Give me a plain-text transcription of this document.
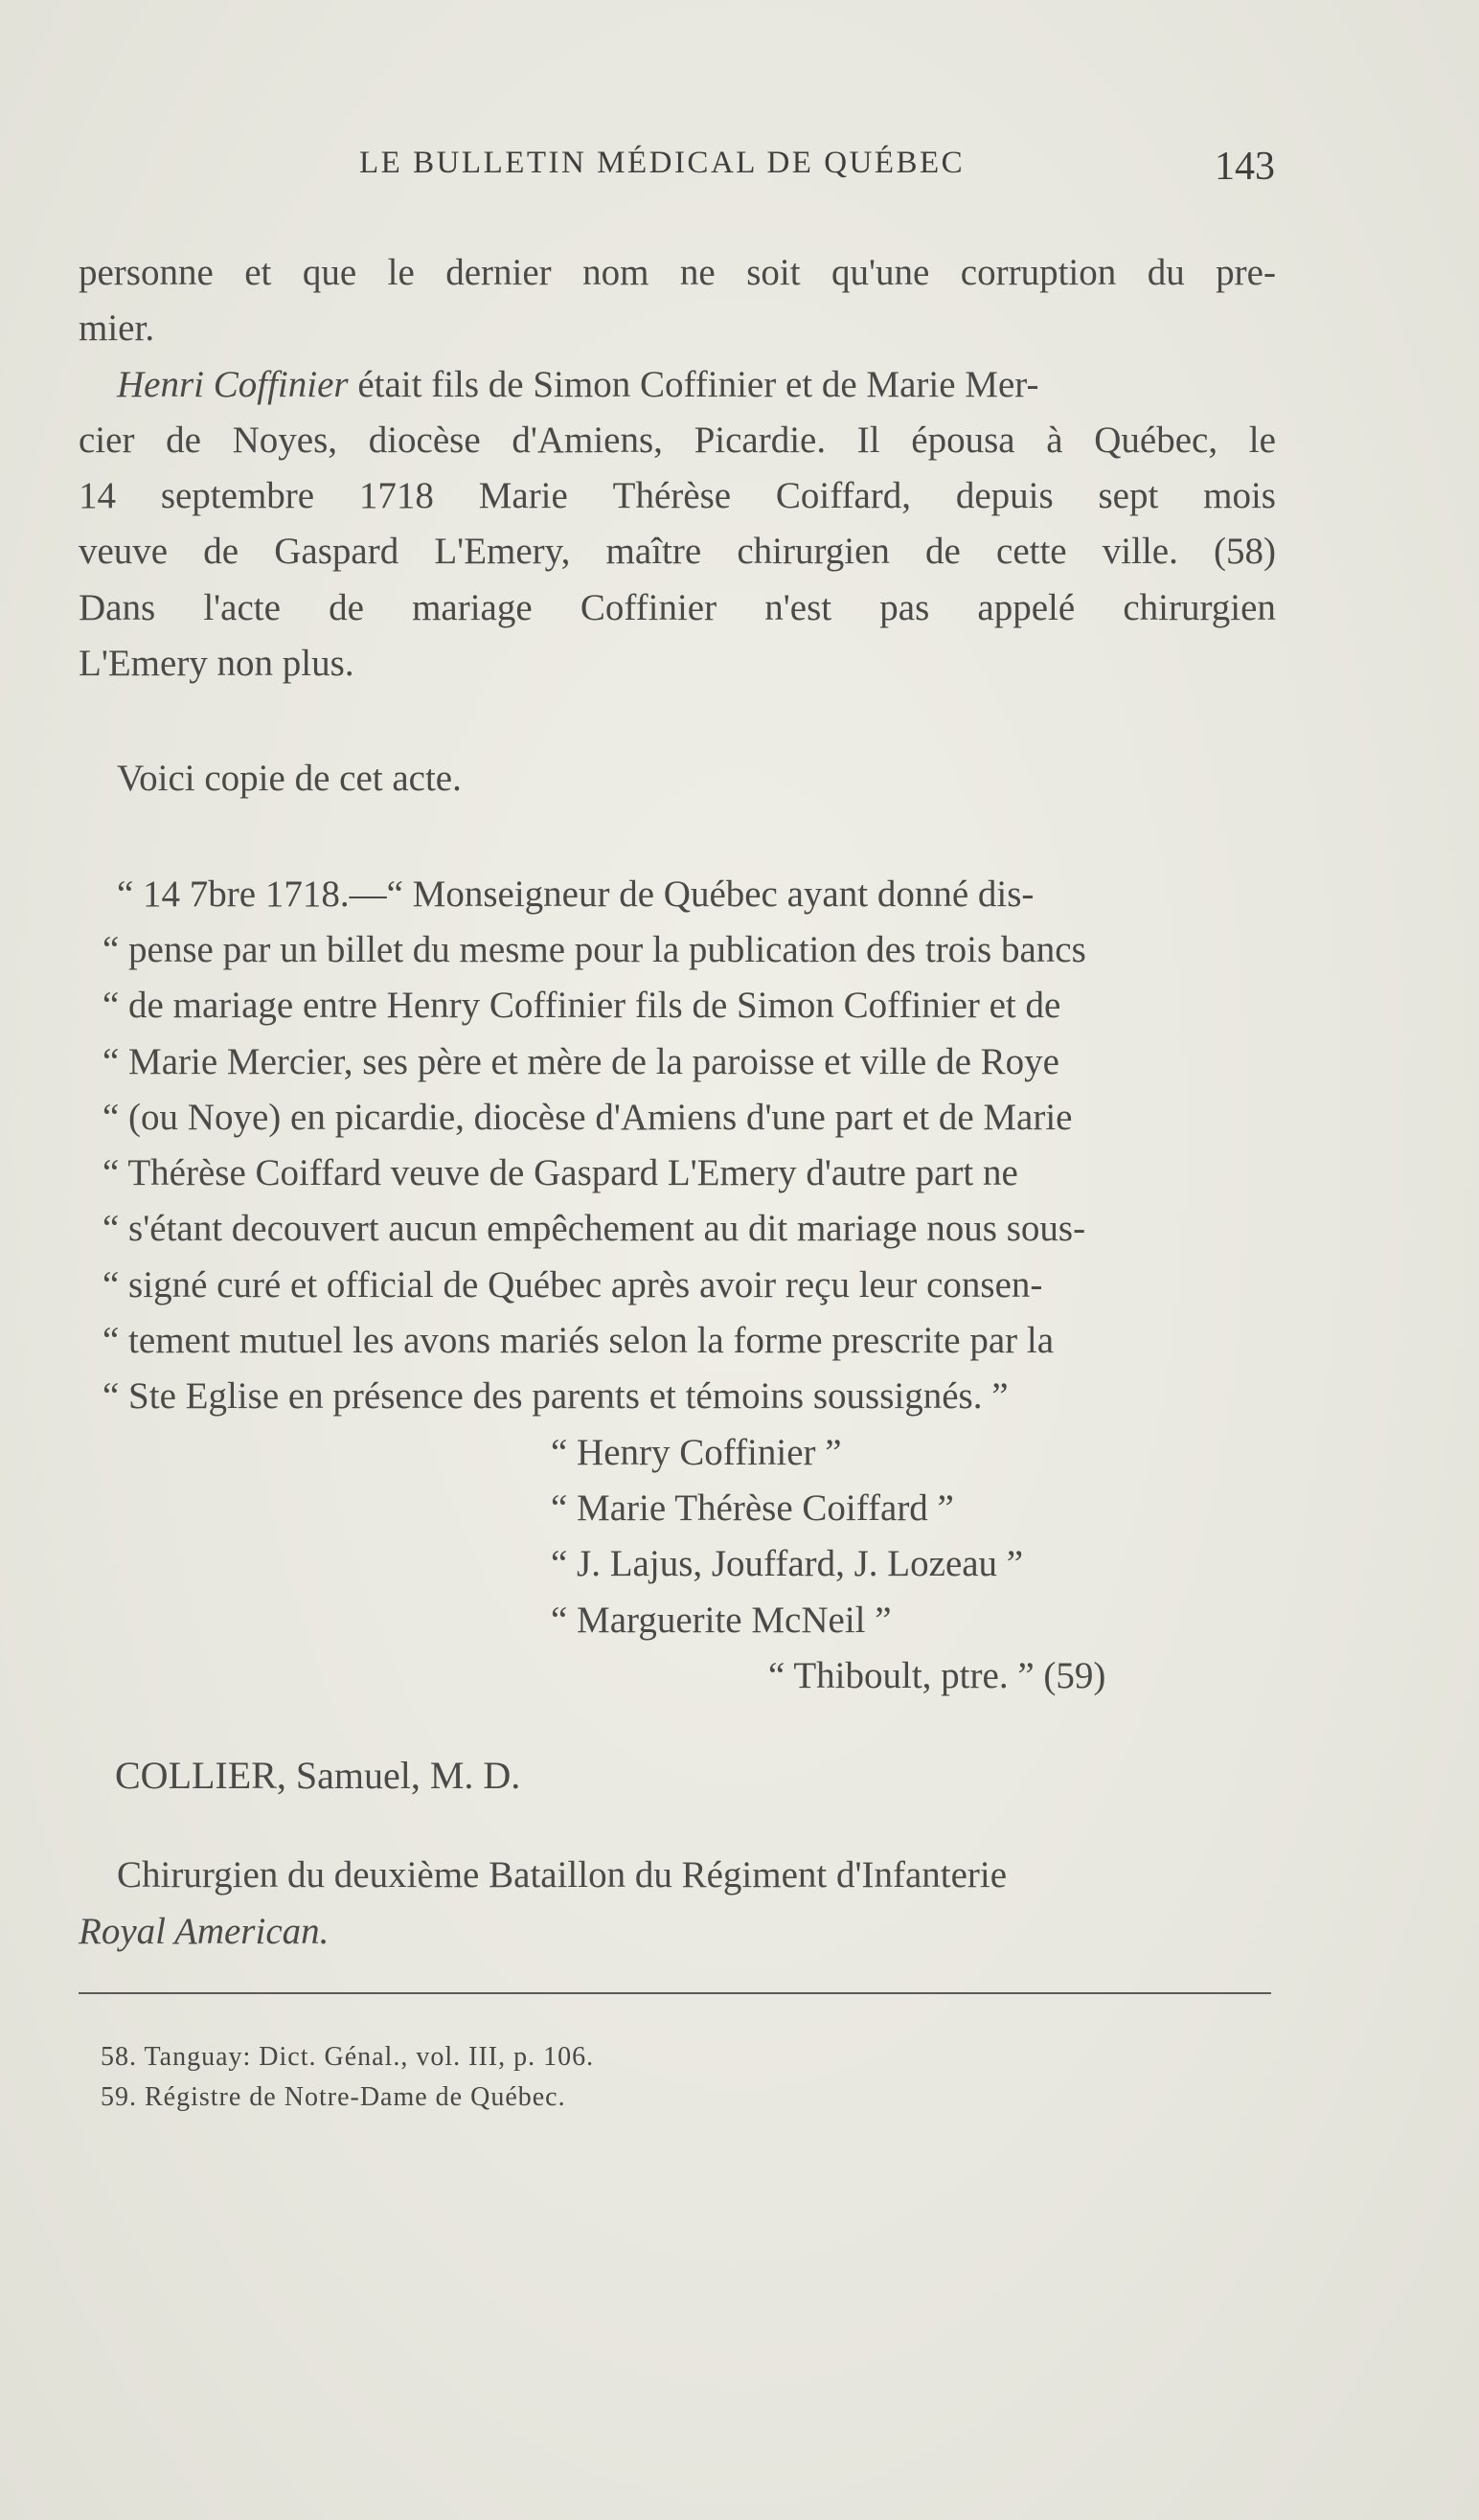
LE BULLETIN MÉDICAL DE QUÉBEC	143
personne et que le dernier nom ne soit qu'une corruption du pre-
mier.
Henri Coffinier était fils de Simon Coffinier et de Marie Mer-
cier de Noyes, diocèse d'Amiens, Picardie. Il épousa à Québec, le
14 septembre 1718 Marie Thérèse Coiffard, depuis sept mois
veuve de Gaspard L'Emery, maître chirurgien de cette ville. (58)
Dans l'acte de mariage Coffinier n'est pas appelé chirurgien
L'Emery non plus.
Voici copie de cet acte.
“ 14 7bre 1718.—“ Monseigneur de Québec ayant donné dis-
“ pense par un billet du mesme pour la publication des trois bancs
“ de mariage entre Henry Coffinier fils de Simon Coffinier et de
“ Marie Mercier, ses père et mère de la paroisse et ville de Roye
“ (ou Noye) en picardie, diocèse d'Amiens d'une part et de Marie
“ Thérèse Coiffard veuve de Gaspard L'Emery d'autre part ne
“ s'étant decouvert aucun empêchement au dit mariage nous sous-
“ signé curé et official de Québec après avoir reçu leur consen-
“ tement mutuel les avons mariés selon la forme prescrite par la
“ Ste Eglise en présence des parents et témoins soussignés. ”
“ Henry Coffinier ”
“ Marie Thérèse Coiffard ”
“ J. Lajus, Jouffard, J. Lozeau ”
“ Marguerite McNeil ”
“ Thiboult, ptre. ” (59)
COLLIER, Samuel, M. D.
Chirurgien du deuxième Bataillon du Régiment d'Infanterie
Royal American.
58. Tanguay: Dict. Génal., vol. III, p. 106.
59. Régistre de Notre-Dame de Québec.
